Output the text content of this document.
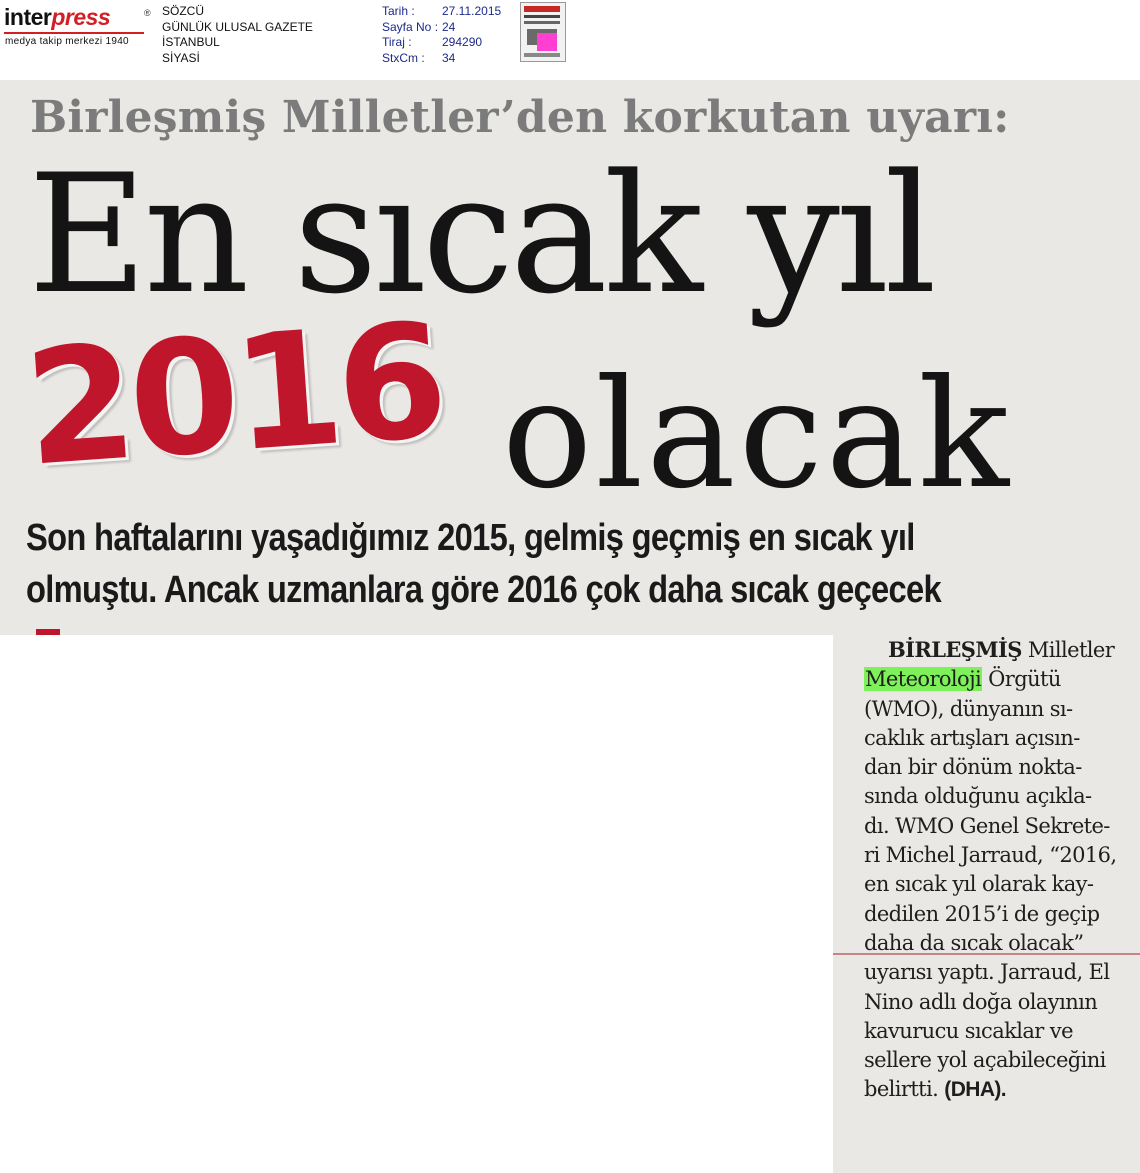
interpress	®
medya takip merkezi 1940
SÖZCÜ
GÜNLÜK ULUSAL GAZETE
İSTANBUL
SİYASİ
Tarih :
Sayfa No :
Tiraj :
StxCm :
27.11.2015
24
294290
34
Birleşmiş Milletler’den korkutan uyarı:
En sıcak yıl
2016 olacak
Son haftalarını yaşadığımız 2015, gelmiş geçmiş en sıcak yıl
olmuştu. Ancak uzmanlara göre 2016 çok daha sıcak geçecek
BİRLEŞMİŞ Milletler
Meteoroloji Örgütü
(WMO), dünyanın sı-
caklık artışları açısın-
dan bir dönüm nokta-
sında olduğunu açıkla-
dı. WMO Genel Sekrete-
ri Michel Jarraud, “2016,
en sıcak yıl olarak kay-
dedilen 2015’i de geçip
daha da sıcak olacak”
uyarısı yaptı. Jarraud, El
Nino adlı doğa olayının
kavurucu sıcaklar ve
sellere yol açabileceğini
belirtti. (DHA).
